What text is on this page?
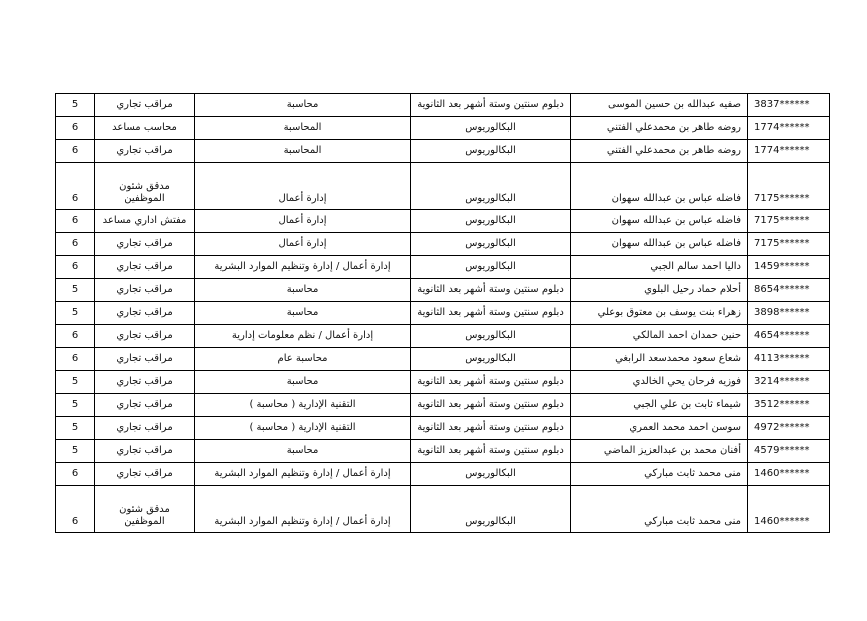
3837******	صفيه عبدالله بن حسين الموسى	دبلوم سنتين وستة أشهر بعد الثانوية	محاسبة	مراقب تجاري	5
1774******	روضه طاهر بن محمدعلي الفتني	البكالوريوس	المحاسبة	محاسب مساعد	6
1774******	روضه طاهر بن محمدعلي الفتني	البكالوريوس	المحاسبة	مراقب تجاري	6
7175******	فاضله عباس بن عبدالله سهوان	البكالوريوس	إدارة أعمال	مدقق شئون الموظفين	6
7175******	فاضله عباس بن عبدالله سهوان	البكالوريوس	إدارة أعمال	مفتش اداري مساعد	6
7175******	فاضله عباس بن عبدالله سهوان	البكالوريوس	إدارة أعمال	مراقب تجاري	6
1459******	داليا احمد سالم الجبي	البكالوريوس	إدارة أعمال / إدارة وتنظيم الموارد البشرية	مراقب تجاري	6
8654******	أحلام حماد رحيل البلوي	دبلوم سنتين وستة أشهر بعد الثانوية	محاسبة	مراقب تجاري	5
3898******	زهراء بنت يوسف بن معتوق بوعلي	دبلوم سنتين وستة أشهر بعد الثانوية	محاسبة	مراقب تجاري	5
4654******	حنين حمدان احمد المالكي	البكالوريوس	إدارة أعمال / نظم معلومات إدارية	مراقب تجاري	6
4113******	شعاع سعود محمدسعد الرابغي	البكالوريوس	محاسبة عام	مراقب تجاري	6
3214******	فوزيه فرحان يحي الخالدي	دبلوم سنتين وستة أشهر بعد الثانوية	محاسبة	مراقب تجاري	5
3512******	شيماء ثابت بن علي الجبي	دبلوم سنتين وستة أشهر بعد الثانوية	التقنية الإدارية ( محاسبة )	مراقب تجاري	5
4972******	سوسن احمد محمد العمري	دبلوم سنتين وستة أشهر بعد الثانوية	التقنية الإدارية ( محاسبة )	مراقب تجاري	5
4579******	أفنان محمد بن عبدالعزيز الماضي	دبلوم سنتين وستة أشهر بعد الثانوية	محاسبة	مراقب تجاري	5
1460******	منى محمد ثابت مباركي	البكالوريوس	إدارة أعمال / إدارة وتنظيم الموارد البشرية	مراقب تجاري	6
1460******	منى محمد ثابت مباركي	البكالوريوس	إدارة أعمال / إدارة وتنظيم الموارد البشرية	مدقق شئون الموظفين	6
